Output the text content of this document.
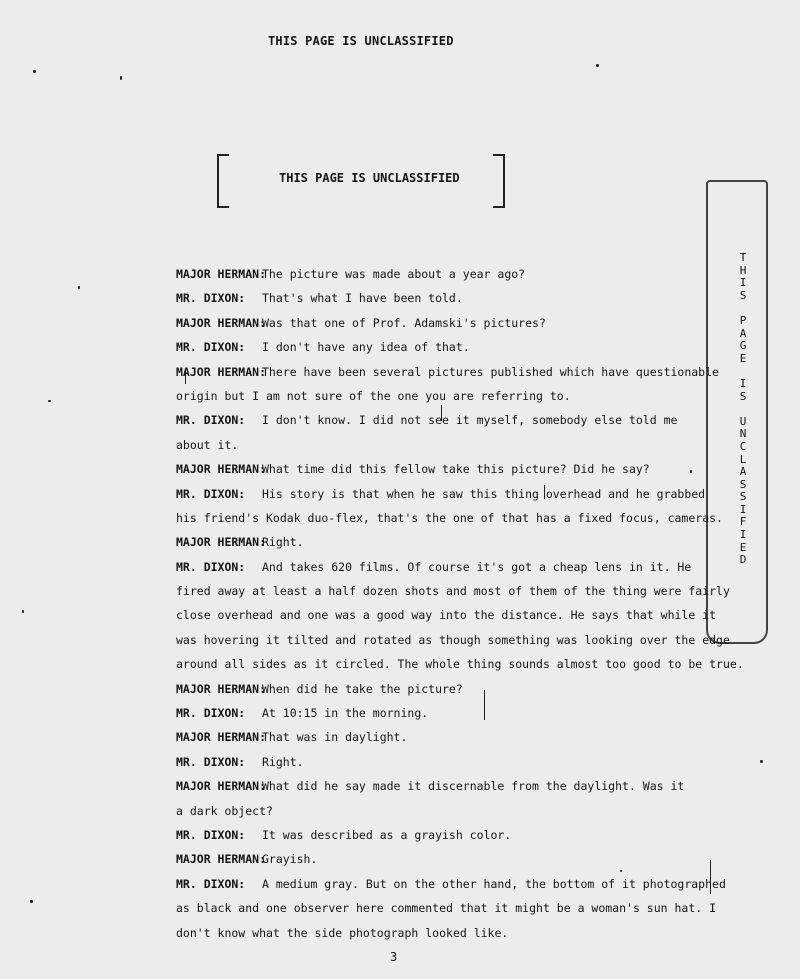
THIS PAGE IS UNCLASSIFIED
THIS PAGE IS UNCLASSIFIED
T
H
I
S

P
A
G
E

I
S

U
N
C
L
A
S
S
I
F
I
E
D
MAJOR HERMAN:
The picture was made about a year ago?
MR. DIXON:	That's what I have been told.
MAJOR HERMAN:
Was that one of Prof. Adamski's pictures?
MR. DIXON:	I don't have any idea of that.
MAJOR HERMAN:
There have been several pictures published which have questionable
origin but I am not sure of the one you are referring to.
MR. DIXON:	I don't know. I did not see it myself, somebody else told me
about it.
MAJOR HERMAN:
What time did this fellow take this picture? Did he say?
MR. DIXON:	His story is that when he saw this thing overhead and he grabbed
his friend's Kodak duo-flex, that's the one of that has a fixed focus, cameras.
MAJOR HERMAN:
Right.
MR. DIXON:	And takes 620 films. Of course it's got a cheap lens in it. He
fired away at least a half dozen shots and most of them of the thing were fairly
close overhead and one was a good way into the distance. He says that while it
was hovering it tilted and rotated as though something was looking over the edge
around all sides as it circled. The whole thing sounds almost too good to be true.
MAJOR HERMAN:
When did he take the picture?
MR. DIXON:	At 10:15 in the morning.
MAJOR HERMAN:
That was in daylight.
MR. DIXON:	Right.
MAJOR HERMAN:
What did he say made it discernable from the daylight. Was it
a dark object?
MR. DIXON:	It was described as a grayish color.
MAJOR HERMAN:
Grayish.
MR. DIXON:	A medium gray. But on the other hand, the bottom of it photographed
as black and one observer here commented that it might be a woman's sun hat. I
don't know what the side photograph looked like.
3
